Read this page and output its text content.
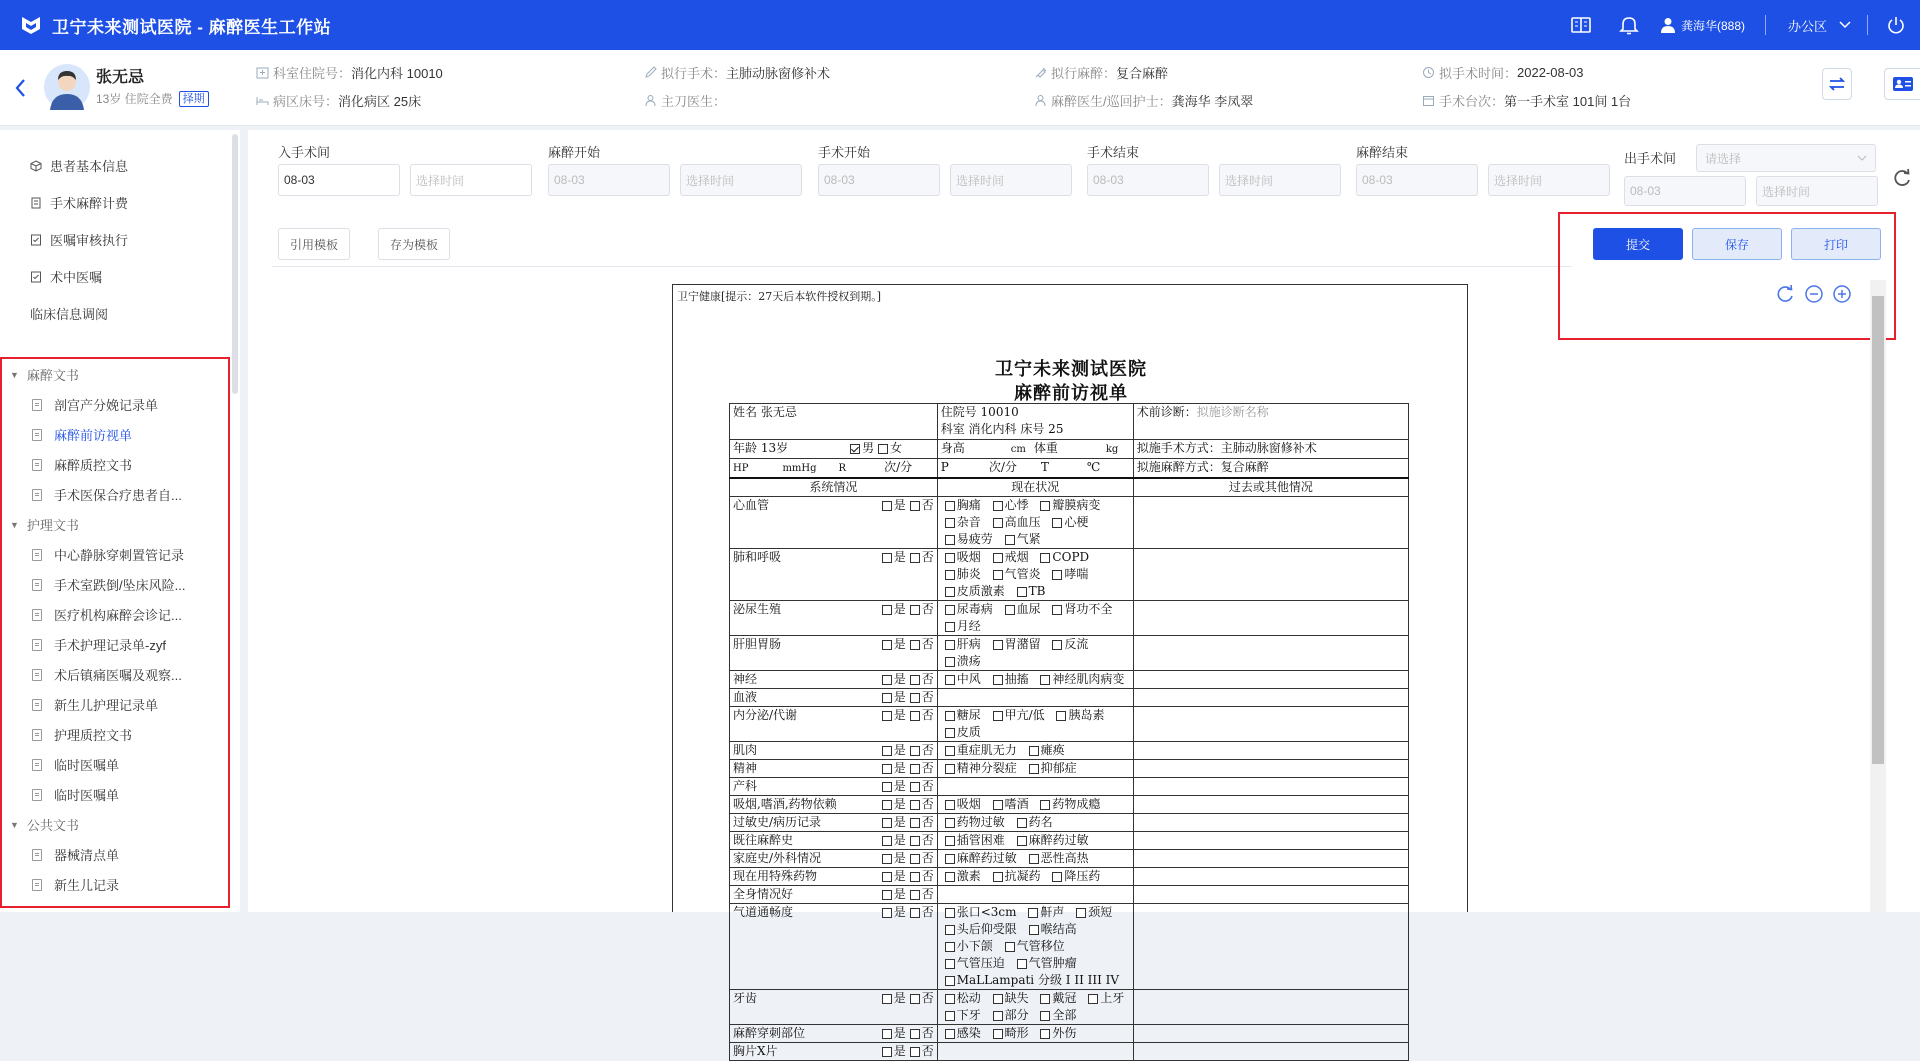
卫宁未来测试医院 - 麻醉医生工作站	龚海华(888)	办公区
张无忌
13岁 住院全费 择期
科室住院号： 消化内科 10010
病区床号： 消化病区 25床
拟行手术： 主肺动脉窗修补术
主刀医生：
拟行麻醉： 复合麻醉
麻醉医生/巡回护士： 龚海华 李凤翠
拟手术时间： 2022-08-03
手术台次： 第一手术室 101间 1台
患者基本信息
手术麻醉计费
医嘱审核执行
术中医嘱
临床信息调阅
▼ 麻醉文书
剖宫产分娩记录单
麻醉前访视单
麻醉质控文书
手术医保合疗患者自...
▼ 护理文书
中心静脉穿刺置管记录
手术室跌倒/坠床风险...
医疗机构麻醉会诊记...
手术护理记录单-zyf
术后镇痛医嘱及观察...
新生儿护理记录单
护理质控文书
临时医嘱单
临时医嘱单
▼ 公共文书
器械清点单
新生儿记录
入手术间
08-03	选择时间
麻醉开始
08-03	选择时间
手术开始
08-03	选择时间
手术结束
08-03	选择时间
麻醉结束
08-03	选择时间
出手术间 请选择
08-03	选择时间
引用模板	存为模板	提交	保存	打印
卫宁健康[提示：27天后本软件授权到期。]
卫宁未来测试医院
麻醉前访视单
姓名 张无忌	住院号 10010
科室 消化内科 床号 25	术前诊断：拟施诊断名称
年龄 13岁 男 女	身高 cm 体重 kg	拟施手术方式：主肺动脉窗修补术
HP mmHg R 次/分	P 次/分 T ℃	拟施麻醉方式：复合麻醉
系统情况	现在状况	过去或其他情况
心血管 是 否	胸痛 心悸 瓣膜病变 杂音 高血压 心梗 易疲劳 气紧	
肺和呼吸 是 否	吸烟 戒烟 COPD 肺炎 气管炎 哮喘 皮质激素 TB	
泌尿生殖 是 否	尿毒病 血尿 肾功不全 月经	
肝胆胃肠 是 否	肝病 胃潴留 反流 溃疡	
神经 是 否	中风 抽搐 神经肌肉病变	
血液 是 否		

内分泌/代谢 是 否	糖尿 甲亢/低 胰岛素 皮质	
肌肉 是 否	重症肌无力 瘫痪	
精神 是 否	精神分裂症 抑郁症	
产科 是 否		

吸烟,嗜酒,药物依赖 是 否	吸烟 嗜酒 药物成瘾	
过敏史/病历记录 是 否	药物过敏 药名	
既往麻醉史 是 否	插管困难 麻醉药过敏	
家庭史/外科情况 是 否	麻醉药过敏 恶性高热	
现在用特殊药物 是 否	激素 抗凝药 降压药	
全身情况好 是 否		

气道通畅度 是 否	张口<3cm 鼾声 颈短 头后仰受限 喉结高 小下颌 气管移位 气管压迫 气管肿瘤 MaLLampati 分级 I II III IV	
牙齿 是 否	松动 缺失 戴冠 上牙 下牙 部分 全部	
麻醉穿刺部位 是 否	感染 畸形 外伤	
胸片X片 是 否		
